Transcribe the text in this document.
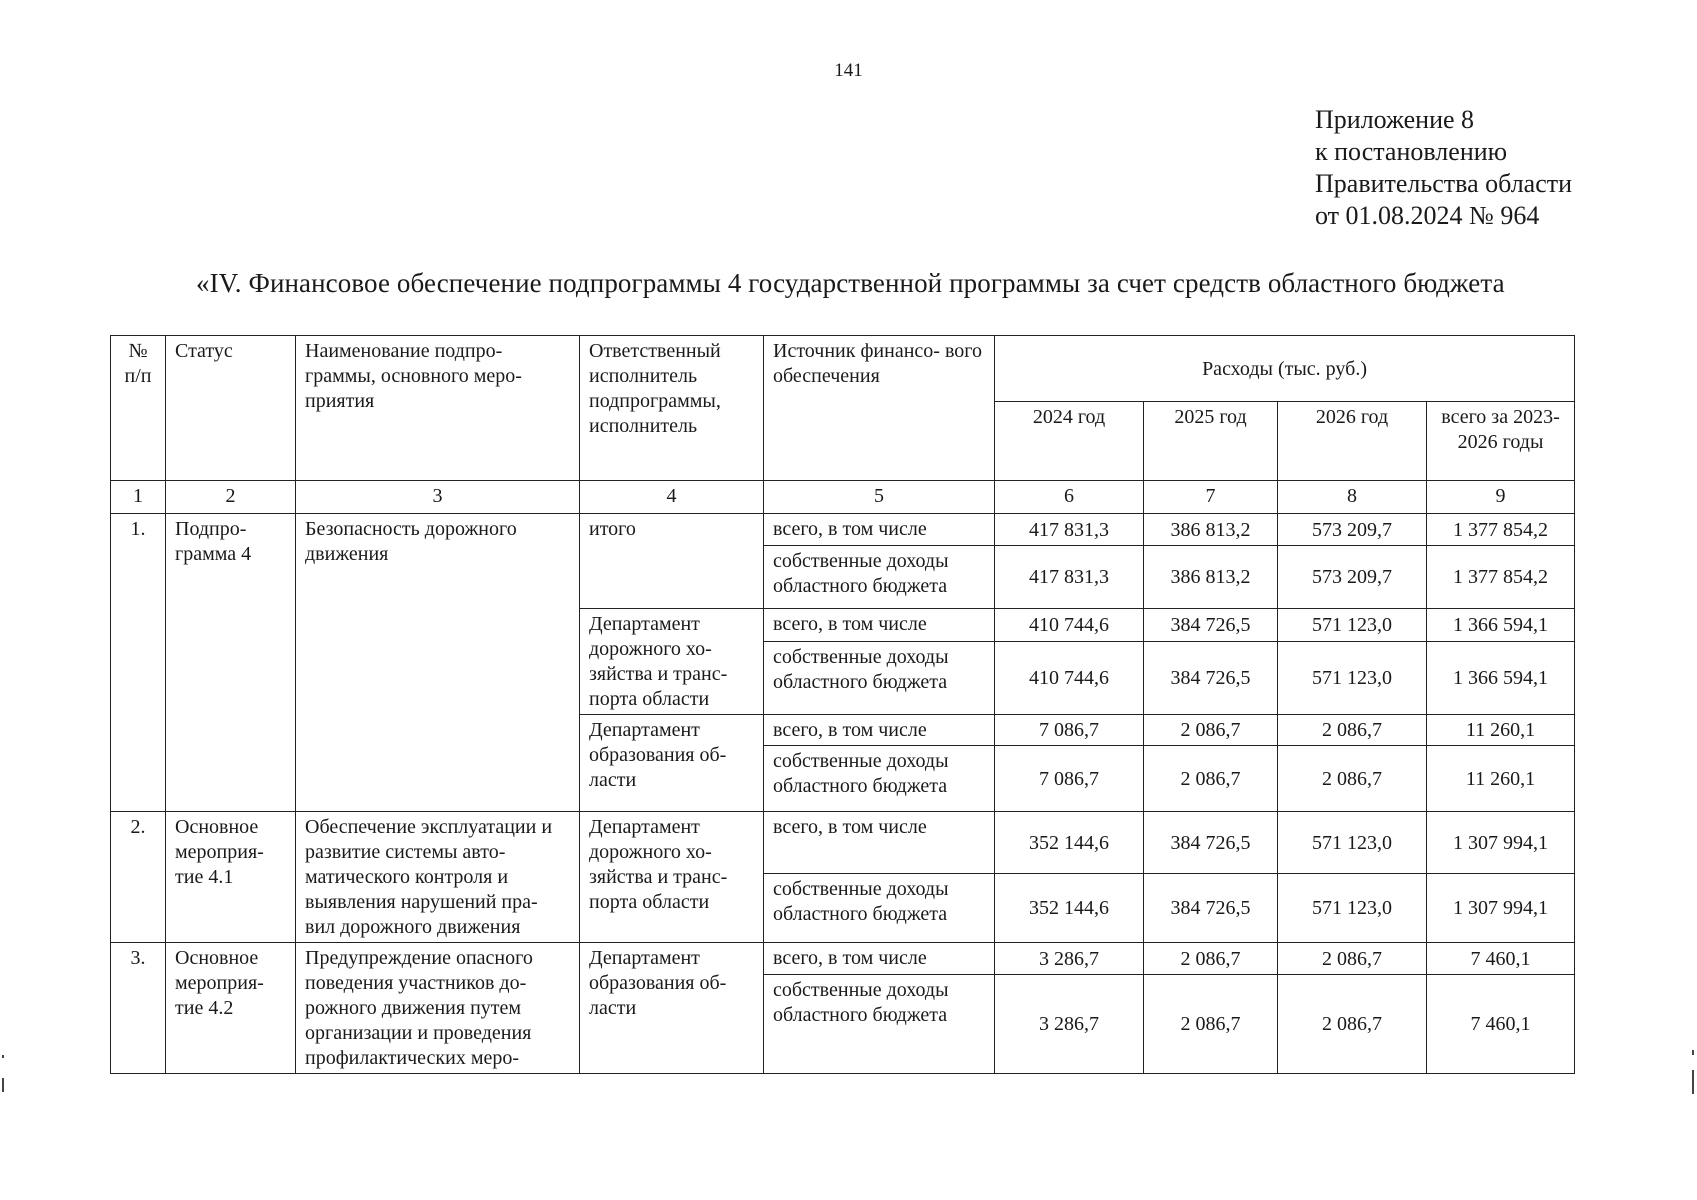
141
Приложение 8
к постановлению
Правительства области
от 01.08.2024 № 964
«IV. Финансовое обеспечение подпрограммы 4 государственной программы за счет средств областного бюджета
№ п/п	Статус	Наименование подпро- граммы, основного меро- приятия	Ответственный исполнитель подпрограммы, исполнитель	Источник финансо- вого обеспечения	Расходы (тыс. руб.)			
					2024 год	2025 год	2026 год	всего за 2023-2026 годы
1	2	3	4	5	6	7	8	9
1.	Подпро- грамма 4	Безопасность дорожного движения	итого	всего, в том числе	417 831,3	386 813,2	573 209,7	1 377 854,2
				собственные доходы областного бюджета	417 831,3	386 813,2	573 209,7	1 377 854,2
			Департамент дорожного хо- зяйства и транс- порта области	всего, в том числе	410 744,6	384 726,5	571 123,0	1 366 594,1
				собственные доходы областного бюджета	410 744,6	384 726,5	571 123,0	1 366 594,1
			Департамент образования об- ласти	всего, в том числе	7 086,7	2 086,7	2 086,7	11 260,1
				собственные доходы областного бюджета	7 086,7	2 086,7	2 086,7	11 260,1
2.	Основное мероприя- тие 4.1	Обеспечение эксплуатации и развитие системы авто- матического контроля и выявления нарушений пра- вил дорожного движения	Департамент дорожного хо- зяйства и транс- порта области	всего, в том числе	352 144,6	384 726,5	571 123,0	1 307 994,1
				собственные доходы областного бюджета	352 144,6	384 726,5	571 123,0	1 307 994,1
3.	Основное мероприя- тие 4.2	Предупреждение опасного поведения участников до- рожного движения путем организации и проведения профилактических меро-	Департамент образования об- ласти	всего, в том числе	3 286,7	2 086,7	2 086,7	7 460,1
				собственные доходы областного бюджета	3 286,7	2 086,7	2 086,7	7 460,1
